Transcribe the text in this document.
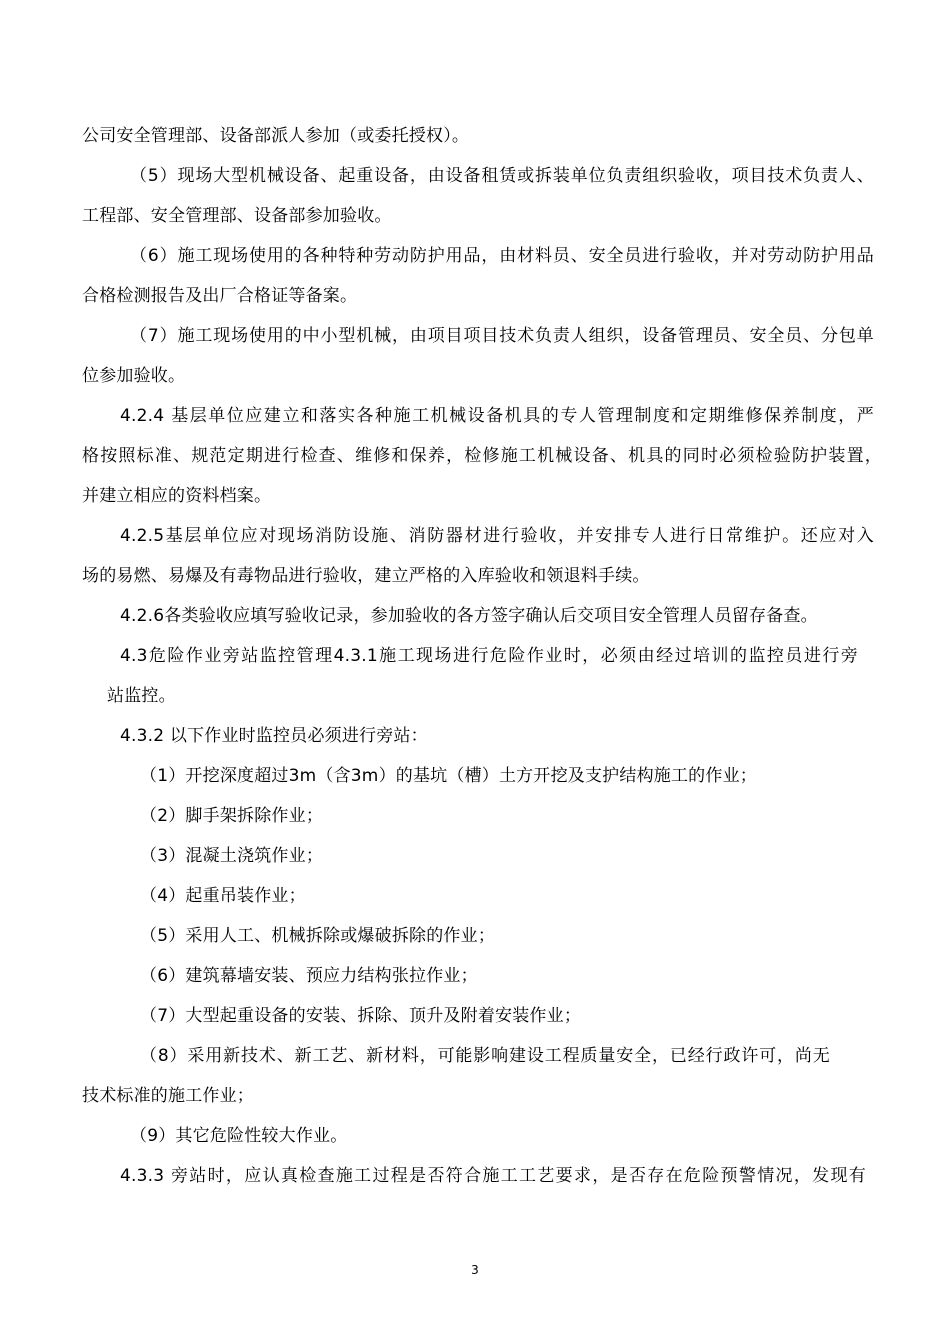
公司安全管理部、设备部派人参加（或委托授权）。
（5）现场大型机械设备、起重设备，由设备租赁或拆装单位负责组织验收，项目技术负责人、
工程部、安全管理部、设备部参加验收。
（6）施工现场使用的各种特种劳动防护用品，由材料员、安全员进行验收，并对劳动防护用品
合格检测报告及出厂合格证等备案。
（7）施工现场使用的中小型机械，由项目项目技术负责人组织，设备管理员、安全员、分包单
位参加验收。
4.2.4 基层单位应建立和落实各种施工机械设备机具的专人管理制度和定期维修保养制度，严
格按照标准、规范定期进行检查、维修和保养，检修施工机械设备、机具的同时必须检验防护装置，
并建立相应的资料档案。
4.2.5基层单位应对现场消防设施、消防器材进行验收，并安排专人进行日常维护。还应对入
场的易燃、易爆及有毒物品进行验收，建立严格的入库验收和领退料手续。
4.2.6各类验收应填写验收记录，参加验收的各方签字确认后交项目安全管理人员留存备查。
4.3危险作业旁站监控管理4.3.1施工现场进行危险作业时，必须由经过培训的监控员进行旁
站监控。
4.3.2 以下作业时监控员必须进行旁站：
（1）开挖深度超过3m（含3m）的基坑（槽）土方开挖及支护结构施工的作业；
（2）脚手架拆除作业；
（3）混凝土浇筑作业；
（4）起重吊装作业；
（5）采用人工、机械拆除或爆破拆除的作业；
（6）建筑幕墙安装、预应力结构张拉作业；
（7）大型起重设备的安装、拆除、顶升及附着安装作业；
（8）采用新技术、新工艺、新材料，可能影响建设工程质量安全，已经行政许可，尚无
技术标准的施工作业；
（9）其它危险性较大作业。
4.3.3 旁站时，应认真检查施工过程是否符合施工工艺要求，是否存在危险预警情况，发现有
3
